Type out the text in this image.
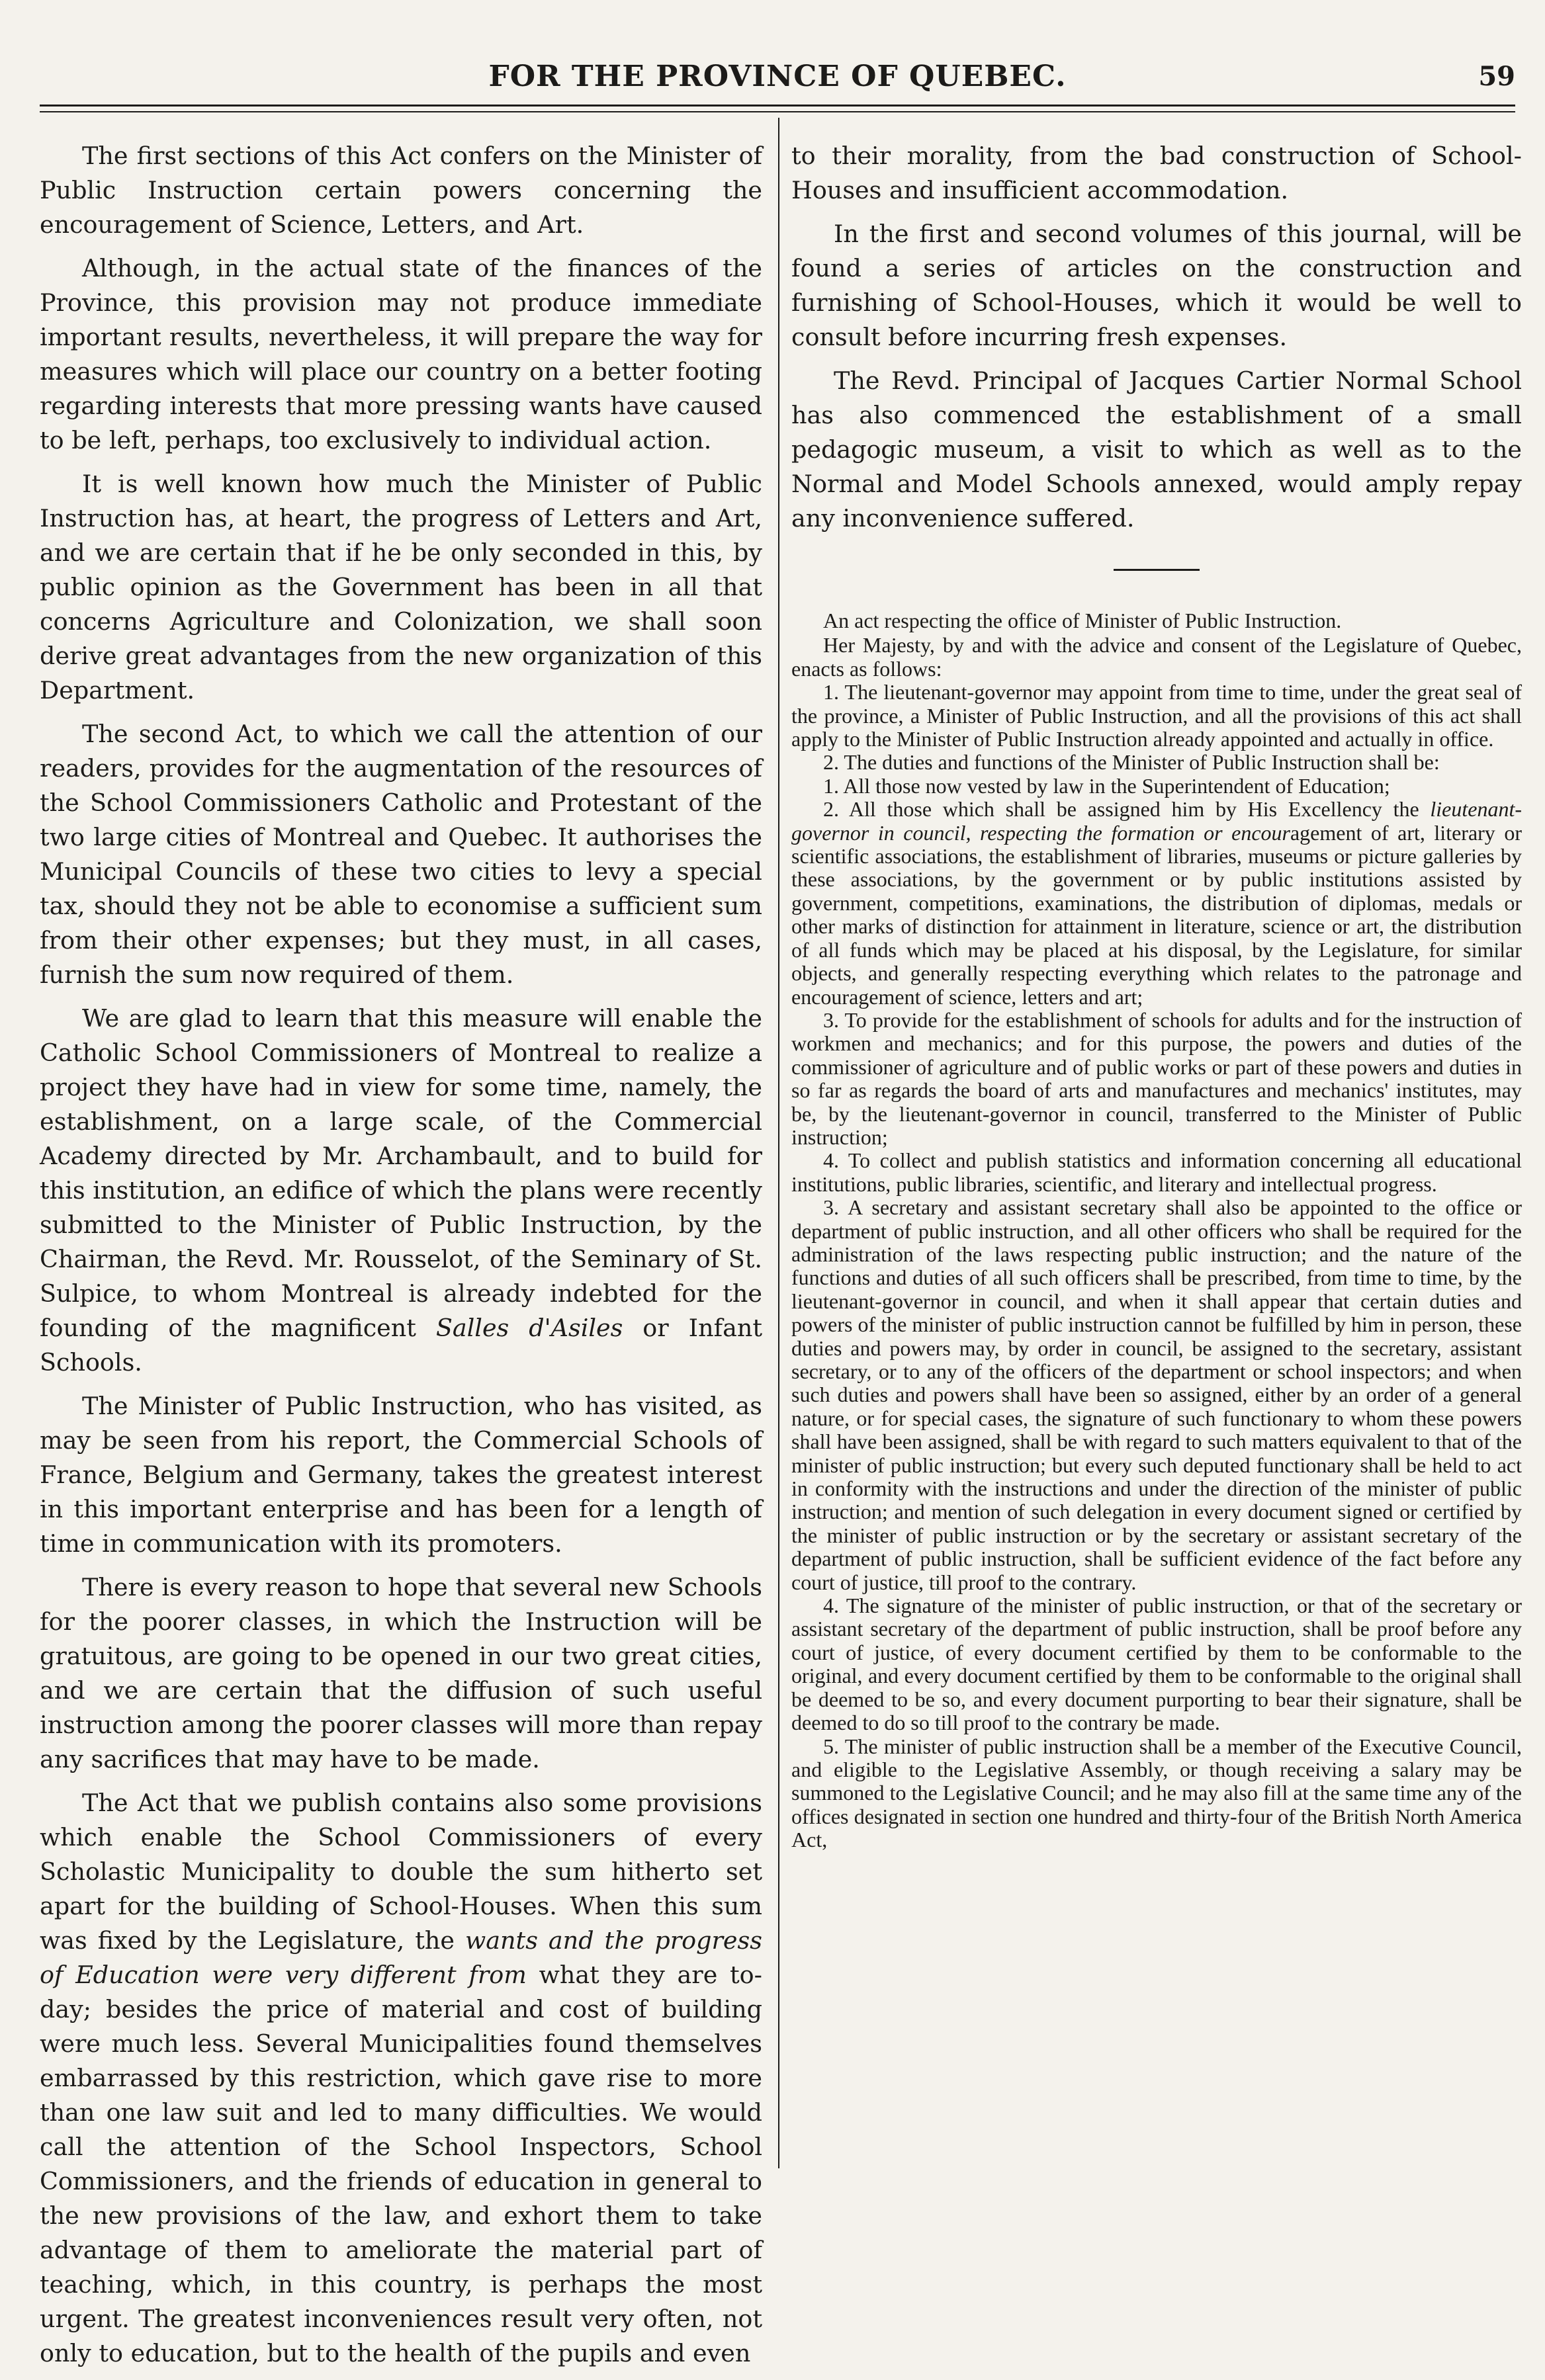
FOR THE PROVINCE OF QUEBEC.	59

The first sections of this Act confers on the Minister of Public Instruction certain powers concerning the encouragement of Science, Letters, and Art.

Although, in the actual state of the finances of the Province, this provision may not produce immediate important results, nevertheless, it will prepare the way for measures which will place our country on a better footing regarding interests that more pressing wants have caused to be left, perhaps, too exclusively to individual action.

It is well known how much the Minister of Public Instruction has, at heart, the progress of Letters and Art, and we are certain that if he be only seconded in this, by public opinion as the Government has been in all that concerns Agriculture and Colonization, we shall soon derive great advantages from the new organization of this Department.

The second Act, to which we call the attention of our readers, provides for the augmentation of the resources of the School Commissioners Catholic and Protestant of the two large cities of Montreal and Quebec. It authorises the Municipal Councils of these two cities to levy a special tax, should they not be able to economise a sufficient sum from their other expenses; but they must, in all cases, furnish the sum now required of them.

We are glad to learn that this measure will enable the Catholic School Commissioners of Montreal to realize a project they have had in view for some time, namely, the establishment, on a large scale, of the Commercial Academy directed by Mr. Archambault, and to build for this institution, an edifice of which the plans were recently submitted to the Minister of Public Instruction, by the Chairman, the Revd. Mr. Rousselot, of the Seminary of St. Sulpice, to whom Montreal is already indebted for the founding of the magnificent Salles d'Asiles or Infant Schools.

The Minister of Public Instruction, who has visited, as may be seen from his report, the Commercial Schools of France, Belgium and Germany, takes the greatest interest in this important enterprise and has been for a length of time in communication with its promoters.

There is every reason to hope that several new Schools for the poorer classes, in which the Instruction will be gratuitous, are going to be opened in our two great cities, and we are certain that the diffusion of such useful instruction among the poorer classes will more than repay any sacrifices that may have to be made.

The Act that we publish contains also some provisions which enable the School Commissioners of every Scholastic Municipality to double the sum hitherto set apart for the building of School-Houses. When this sum was fixed by the Legislature, the wants and the progress of Education were very different from what they are to-day; besides the price of material and cost of building were much less. Several Municipalities found themselves embarrassed by this restriction, which gave rise to more than one law suit and led to many difficulties. We would call the attention of the School Inspectors, School Commissioners, and the friends of education in general to the new provisions of the law, and exhort them to take advantage of them to ameliorate the material part of teaching, which, in this country, is perhaps the most urgent. The greatest inconveniences result very often, not only to education, but to the health of the pupils and even

to their morality, from the bad construction of School-Houses and insufficient accommodation.

In the first and second volumes of this journal, will be found a series of articles on the construction and furnishing of School-Houses, which it would be well to consult before incurring fresh expenses.

The Revd. Principal of Jacques Cartier Normal School has also commenced the establishment of a small pedagogic museum, a visit to which as well as to the Normal and Model Schools annexed, would amply repay any inconvenience suffered.

An act respecting the office of Minister of Public Instruction.

Her Majesty, by and with the advice and consent of the Legislature of Quebec, enacts as follows:

1. The lieutenant-governor may appoint from time to time, under the great seal of the province, a Minister of Public Instruction, and all the provisions of this act shall apply to the Minister of Public Instruction already appointed and actually in office.

2. The duties and functions of the Minister of Public Instruction shall be:

1. All those now vested by law in the Superintendent of Education;

2. All those which shall be assigned him by His Excellency the lieutenant-governor in council, respecting the formation or encouragement of art, literary or scientific associations, the establishment of libraries, museums or picture galleries by these associations, by the government or by public institutions assisted by government, competitions, examinations, the distribution of diplomas, medals or other marks of distinction for attainment in literature, science or art, the distribution of all funds which may be placed at his disposal, by the Legislature, for similar objects, and generally respecting everything which relates to the patronage and encouragement of science, letters and art;

3. To provide for the establishment of schools for adults and for the instruction of workmen and mechanics; and for this purpose, the powers and duties of the commissioner of agriculture and of public works or part of these powers and duties in so far as regards the board of arts and manufactures and mechanics' institutes, may be, by the lieutenant-governor in council, transferred to the Minister of Public instruction;

4. To collect and publish statistics and information concerning all educational institutions, public libraries, scientific, and literary and intellectual progress.

3. A secretary and assistant secretary shall also be appointed to the office or department of public instruction, and all other officers who shall be required for the administration of the laws respecting public instruction; and the nature of the functions and duties of all such officers shall be prescribed, from time to time, by the lieutenant-governor in council, and when it shall appear that certain duties and powers of the minister of public instruction cannot be fulfilled by him in person, these duties and powers may, by order in council, be assigned to the secretary, assistant secretary, or to any of the officers of the department or school inspectors; and when such duties and powers shall have been so assigned, either by an order of a general nature, or for special cases, the signature of such functionary to whom these powers shall have been assigned, shall be with regard to such matters equivalent to that of the minister of public instruction; but every such deputed functionary shall be held to act in conformity with the instructions and under the direction of the minister of public instruction; and mention of such delegation in every document signed or certified by the minister of public instruction or by the secretary or assistant secretary of the department of public instruction, shall be sufficient evidence of the fact before any court of justice, till proof to the contrary.

4. The signature of the minister of public instruction, or that of the secretary or assistant secretary of the department of public instruction, shall be proof before any court of justice, of every document certified by them to be conformable to the original, and every document certified by them to be conformable to the original shall be deemed to be so, and every document purporting to bear their signature, shall be deemed to do so till proof to the contrary be made.

5. The minister of public instruction shall be a member of the Executive Council, and eligible to the Legislative Assembly, or though receiving a salary may be summoned to the Legislative Council; and he may also fill at the same time any of the offices designated in section one hundred and thirty-four of the British North America Act,
